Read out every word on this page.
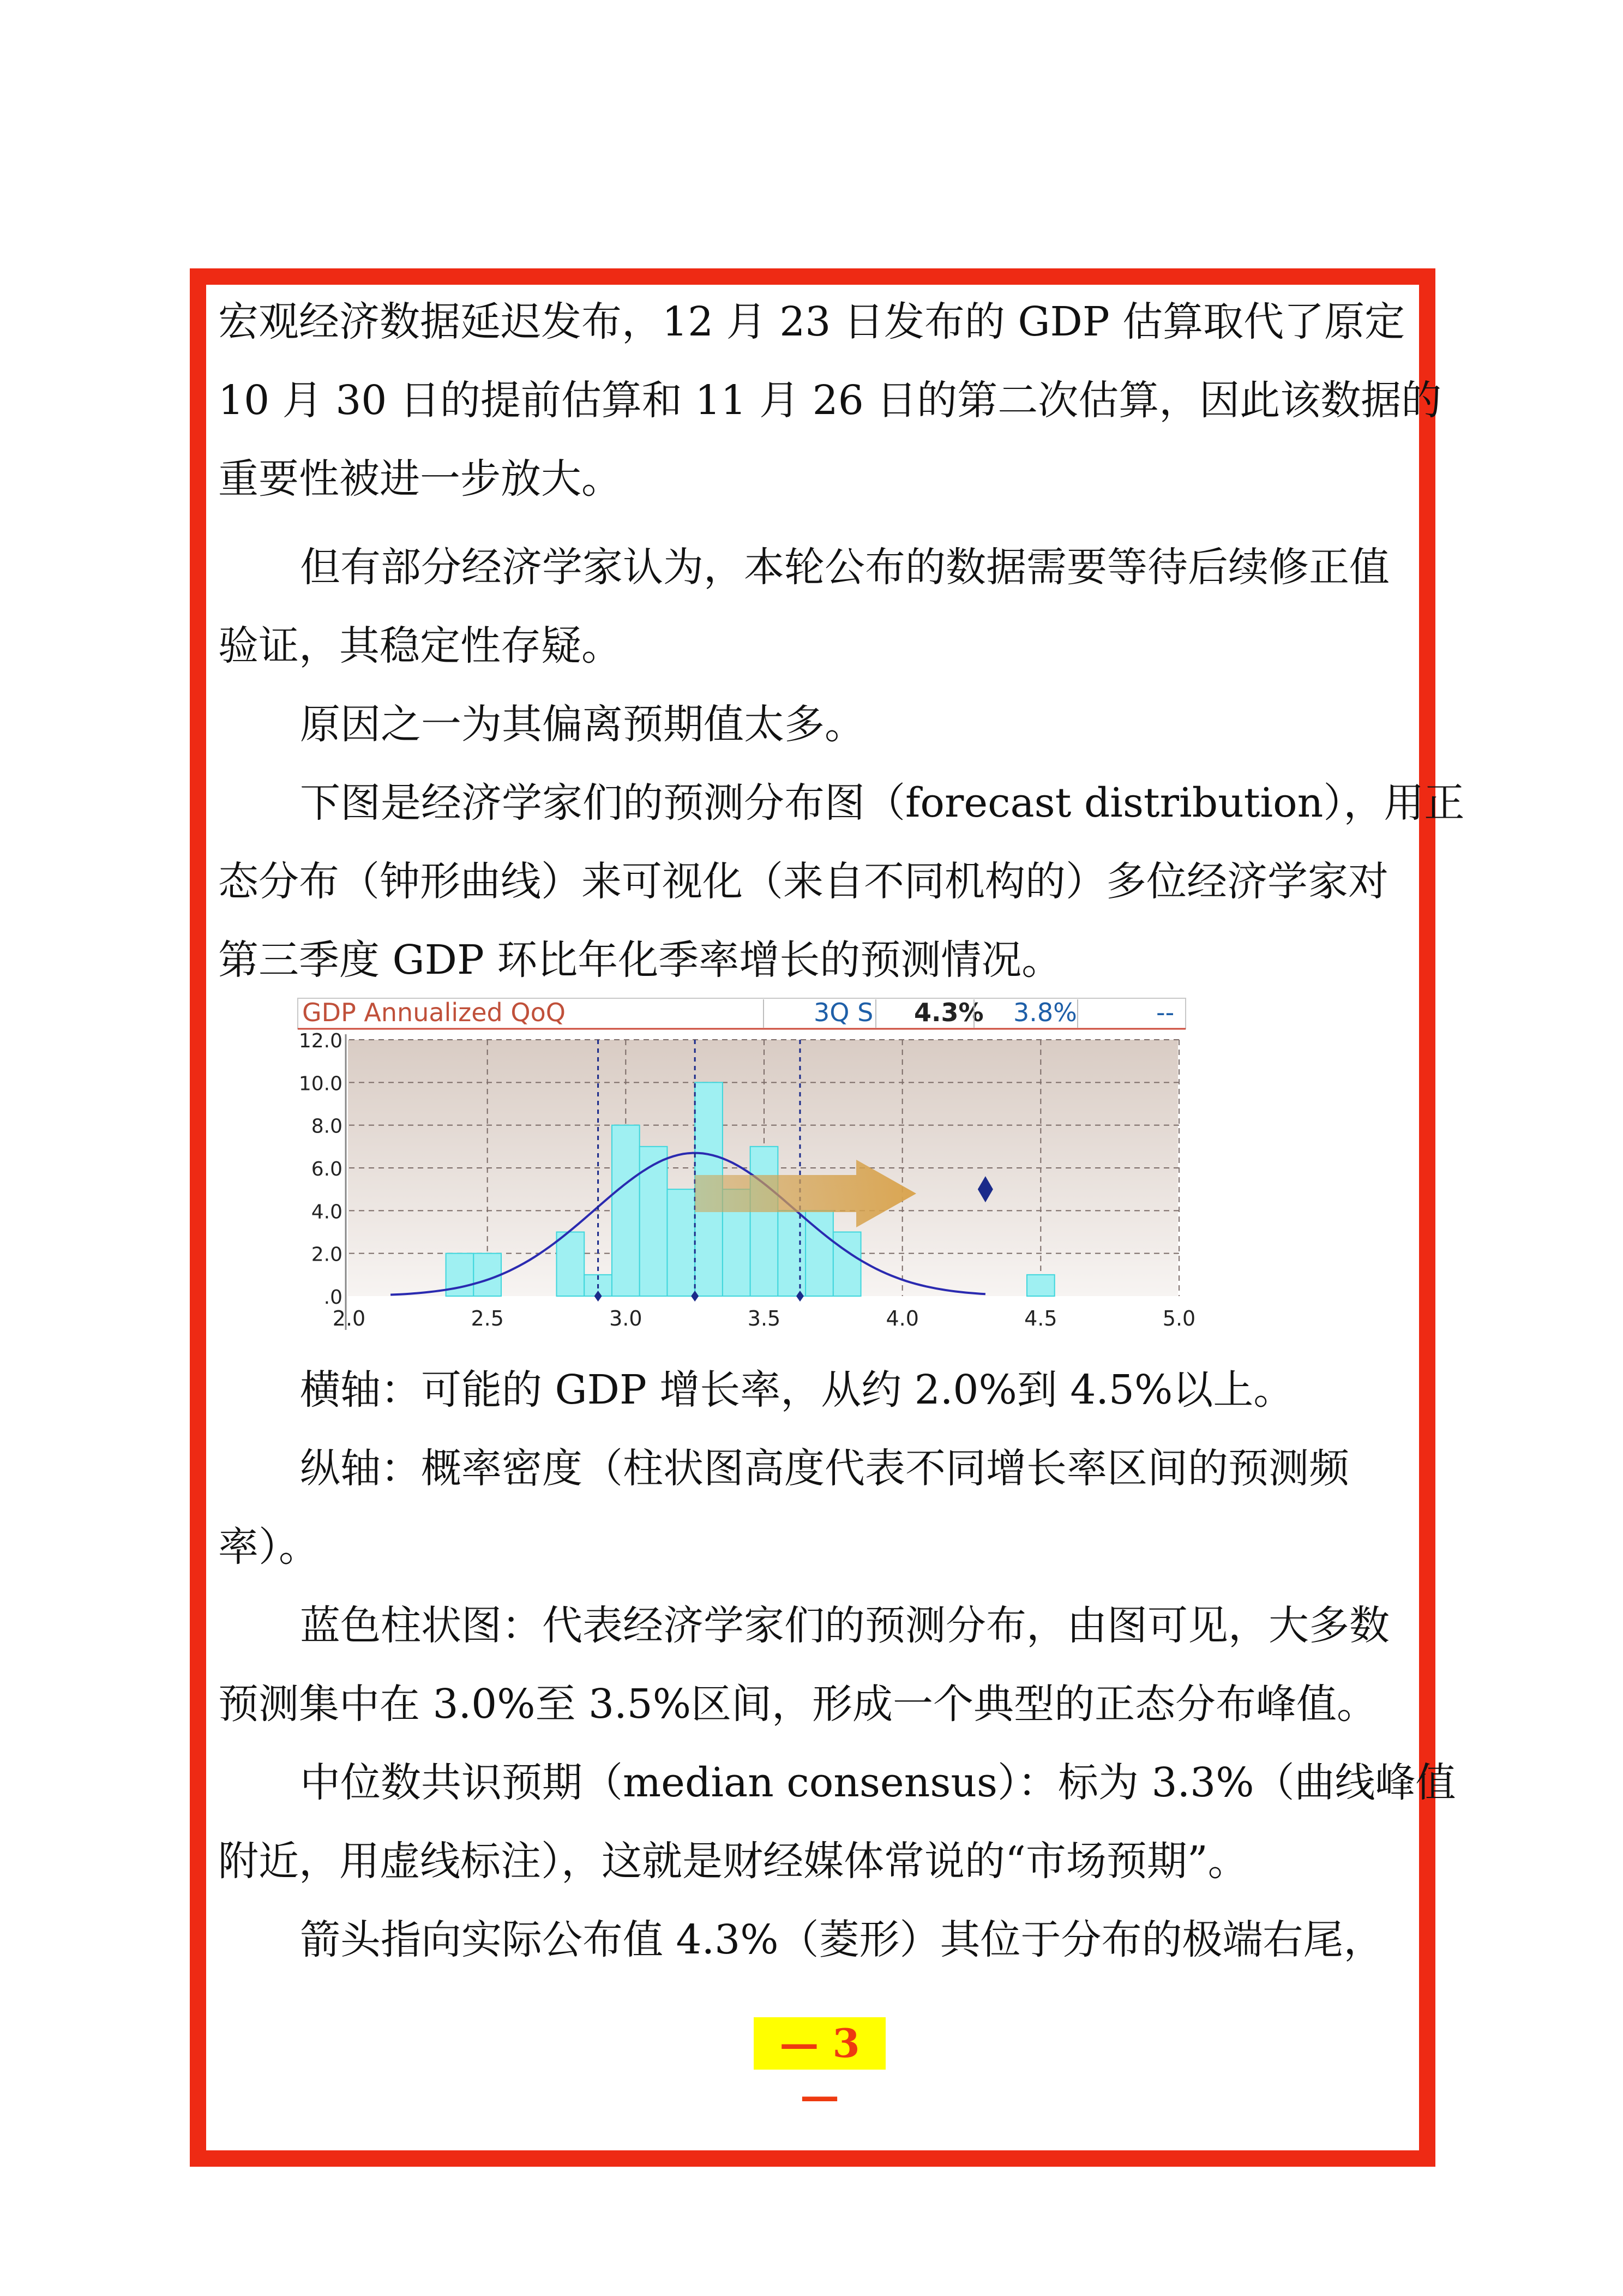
宏观经济数据延迟发布，12 月 23 日发布的 GDP 估算取代了原定
10 月 30 日的提前估算和 11 月 26 日的第二次估算，因此该数据的
重要性被进一步放大。
但有部分经济学家认为，本轮公布的数据需要等待后续修正值
验证，其稳定性存疑。
原因之一为其偏离预期值太多。
下图是经济学家们的预测分布图（forecast distribution），用正
态分布（钟形曲线）来可视化（来自不同机构的）多位经济学家对
第三季度 GDP 环比年化季率增长的预测情况。
横轴：可能的 GDP 增长率，从约 2.0%到 4.5%以上。
纵轴：概率密度（柱状图高度代表不同增长率区间的预测频
率）。
蓝色柱状图：代表经济学家们的预测分布，由图可见，大多数
预测集中在 3.0%至 3.5%区间，形成一个典型的正态分布峰值。
中位数共识预期（median consensus）：标为 3.3%（曲线峰值
附近，用虚线标注），这就是财经媒体常说的“市场预期”。
箭头指向实际公布值 4.3%（菱形）其位于分布的极端右尾，
GDP Annualized QoQ	3Q S 4.3% 3.8%	--
.0
2.0
4.0
6.0
8.0
10.0
12.0
2.0	2.5	3.0	3.5	4.0	4.5	5.0
— 3 —
